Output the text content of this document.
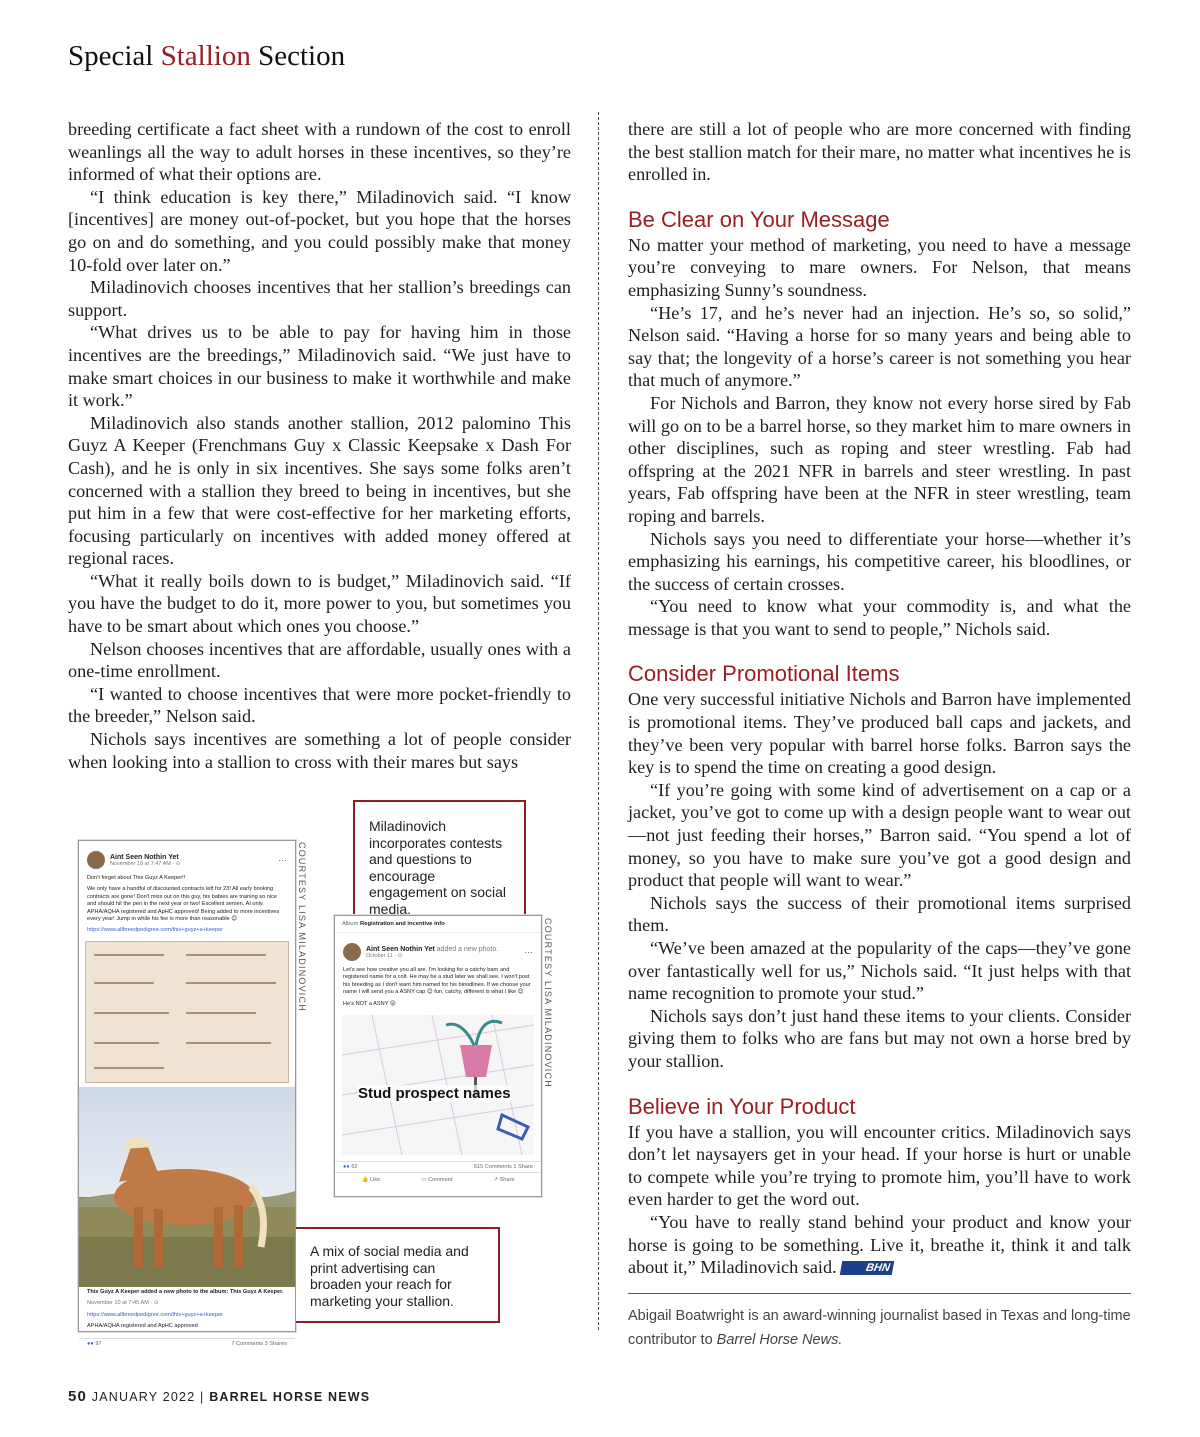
Special Stallion Section

breeding certificate a fact sheet with a rundown of the cost to enroll weanlings all the way to adult horses in these incentives, so they’re informed of what their options are.

“I think education is key there,” Miladinovich said. “I know [incentives] are money out-of-pocket, but you hope that the horses go on and do something, and you could possibly make that money 10-fold over later on.”

Miladinovich chooses incentives that her stallion’s breedings can support.

“What drives us to be able to pay for having him in those incentives are the breedings,” Miladinovich said. “We just have to make smart choices in our business to make it worthwhile and make it work.”

Miladinovich also stands another stallion, 2012 palomino This Guyz A Keeper (Frenchmans Guy x Classic Keepsake x Dash For Cash), and he is only in six incentives. She says some folks aren’t concerned with a stallion they breed to being in incentives, but she put him in a few that were cost-effective for her marketing efforts, focusing particularly on incentives with added money offered at regional races.

“What it really boils down to is budget,” Miladinovich said. “If you have the budget to do it, more power to you, but sometimes you have to be smart about which ones you choose.”

Nelson chooses incentives that are affordable, usually ones with a one-time enrollment.

“I wanted to choose incentives that were more pocket-friendly to the breeder,” Nelson said.

Nichols says incentives are something a lot of people consider when looking into a stallion to cross with their mares but says

there are still a lot of people who are more concerned with finding the best stallion match for their mare, no matter what incentives he is enrolled in.

Be Clear on Your Message

No matter your method of marketing, you need to have a message you’re conveying to mare owners. For Nelson, that means emphasizing Sunny’s soundness.

“He’s 17, and he’s never had an injection. He’s so, so solid,” Nelson said. “Having a horse for so many years and being able to say that; the longevity of a horse’s career is not something you hear that much of anymore.”

For Nichols and Barron, they know not every horse sired by Fab will go on to be a barrel horse, so they market him to mare owners in other disciplines, such as roping and steer wrestling. Fab had offspring at the 2021 NFR in barrels and steer wrestling. In past years, Fab offspring have been at the NFR in steer wrestling, team roping and barrels.

Nichols says you need to differentiate your horse—whether it’s emphasizing his earnings, his competitive career, his bloodlines, or the success of certain crosses.

“You need to know what your commodity is, and what the message is that you want to send to people,” Nichols said.

Consider Promotional Items

One very successful initiative Nichols and Barron have implemented is promotional items. They’ve produced ball caps and jackets, and they’ve been very popular with barrel horse folks. Barron says the key is to spend the time on creating a good design.

“If you’re going with some kind of advertisement on a cap or a jacket, you’ve got to come up with a design people want to wear out—not just feeding their horses,” Barron said. “You spend a lot of money, so you have to make sure you’ve got a good design and product that people will want to wear.”

Nichols says the success of their promotional items surprised them.

“We’ve been amazed at the popularity of the caps—they’ve gone over fantastically well for us,” Nichols said. “It just helps with that name recognition to promote your stud.”

Nichols says don’t just hand these items to your clients. Consider giving them to folks who are fans but may not own a horse bred by your stallion.

Believe in Your Product

If you have a stallion, you will encounter critics. Miladinovich says don’t let naysayers get in your head. If your horse is hurt or unable to compete while you’re trying to promote him, you’ll have to work even harder to get the word out.

“You have to really stand behind your product and know your horse is going to be something. Live it, breathe it, think it and talk about it,” Miladinovich said.	BHN

Abigail Boatwright is an award-winning journalist based in Texas and long-time contributor to Barrel Horse News.
Aint Seen Nothin Yet
November 10 at 7:47 AM · ⊙	···
Don't forget about This Guyz A Keeper!!
We only have a handful of discounted contracts left for 23! All early booking contracts are gone! Don't miss out on this guy, his babies are training so nice and should hit the pen in the next year or two! Excellent semen, AI only. APHA/AQHA registered and ApHC approved! Being added to more incentives every year! Jump in while his fee is more than reasonable 😊
https://www.allbreedpedigree.com/this+guyz+a+keeper
This Guyz A Keeper added a new photo to the album: This Guyz A Keeper.
November 10 at 7:45 AM · ⊙
https://www.allbreedpedigree.com/this+guyz+a+keeper
APHA/AQHA registered and ApHC approved
●● 97	7 Comments 3 Shares
COURTESY LISA MILADINOVICH	Album Registration and incentive info
Aint Seen Nothin Yet added a new photo.
October 11 · ⊙	···
Let's see how creative you all are. I'm looking for a catchy barn and registered name for a colt. He may be a stud later we shall see. I won't post his breeding as I don't want him named for his bloodlines. If we choose your name I will send you a ASNY cap 😊 fun, catchy, different is what I like 😊
He's NOT a ASNY 😜
Stud prospect names
●● 62	515 Comments 1 Share
👍 Like	▭ Comment	↗ Share
COURTESY LISA MILADINOVICH
Miladinovich incorporates contests and questions to encourage engagement on social media.
A mix of social media and print advertising can broaden your reach for marketing your stallion.
50 JANUARY 2022 | BARREL HORSE NEWS
